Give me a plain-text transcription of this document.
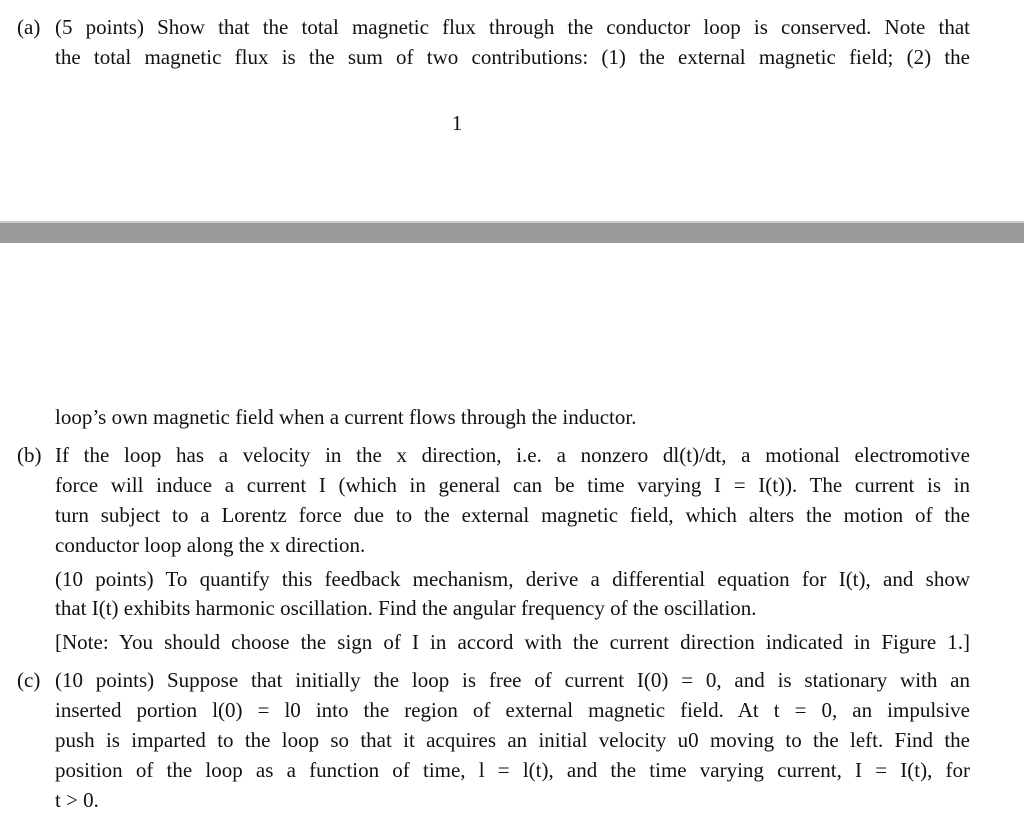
(a) (5 points) Show that the total magnetic flux through the conductor loop is conserved. Note that
the total magnetic flux is the sum of two contributions: (1) the external magnetic field; (2) the
1
loop’s own magnetic field when a current flows through the inductor.
(b) If the loop has a velocity in the x direction, i.e. a nonzero dl(t)/dt, a motional electromotive
force will induce a current I (which in general can be time varying I = I(t)). The current is in
turn subject to a Lorentz force due to the external magnetic field, which alters the motion of the
conductor loop along the x direction.
(10 points) To quantify this feedback mechanism, derive a differential equation for I(t), and show
that I(t) exhibits harmonic oscillation. Find the angular frequency of the oscillation.
[Note: You should choose the sign of I in accord with the current direction indicated in Figure 1.]
(c) (10 points) Suppose that initially the loop is free of current I(0) = 0, and is stationary with an
inserted portion l(0) = l0 into the region of external magnetic field. At t = 0, an impulsive
push is imparted to the loop so that it acquires an initial velocity u0 moving to the left. Find the
position of the loop as a function of time, l = l(t), and the time varying current, I = I(t), for
t > 0.
